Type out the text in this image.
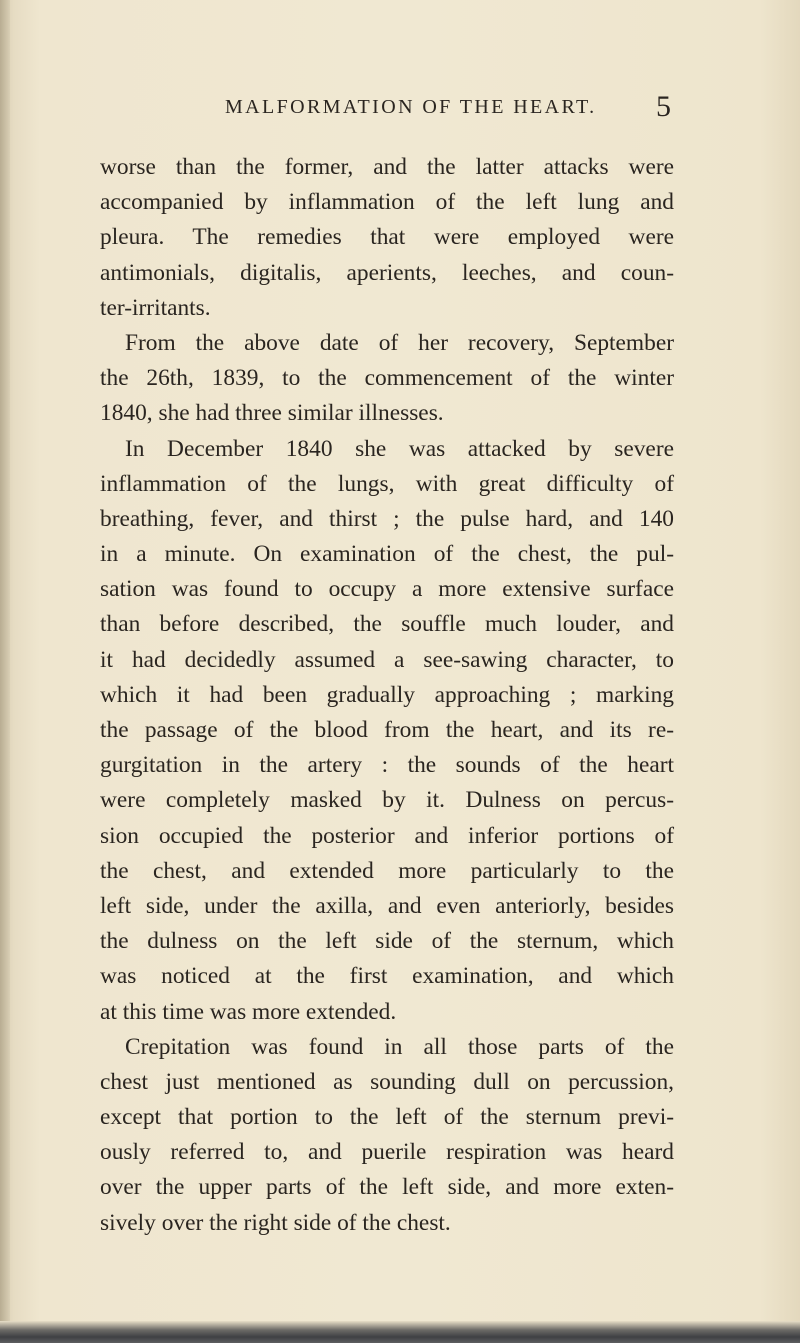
MALFORMATION OF THE HEART. 5
worse than the former, and the latter attacks were
accompanied by inflammation of the left lung and
pleura. The remedies that were employed were
antimonials, digitalis, aperients, leeches, and coun-
ter-irritants.
From the above date of her recovery, September
the 26th, 1839, to the commencement of the winter
1840, she had three similar illnesses.
In December 1840 she was attacked by severe
inflammation of the lungs, with great difficulty of
breathing, fever, and thirst ; the pulse hard, and 140
in a minute. On examination of the chest, the pul-
sation was found to occupy a more extensive surface
than before described, the souffle much louder, and
it had decidedly assumed a see-sawing character, to
which it had been gradually approaching ; marking
the passage of the blood from the heart, and its re-
gurgitation in the artery : the sounds of the heart
were completely masked by it. Dulness on percus-
sion occupied the posterior and inferior portions of
the chest, and extended more particularly to the
left side, under the axilla, and even anteriorly, besides
the dulness on the left side of the sternum, which
was noticed at the first examination, and which
at this time was more extended.
Crepitation was found in all those parts of the
chest just mentioned as sounding dull on percussion,
except that portion to the left of the sternum previ-
ously referred to, and puerile respiration was heard
over the upper parts of the left side, and more exten-
sively over the right side of the chest.
